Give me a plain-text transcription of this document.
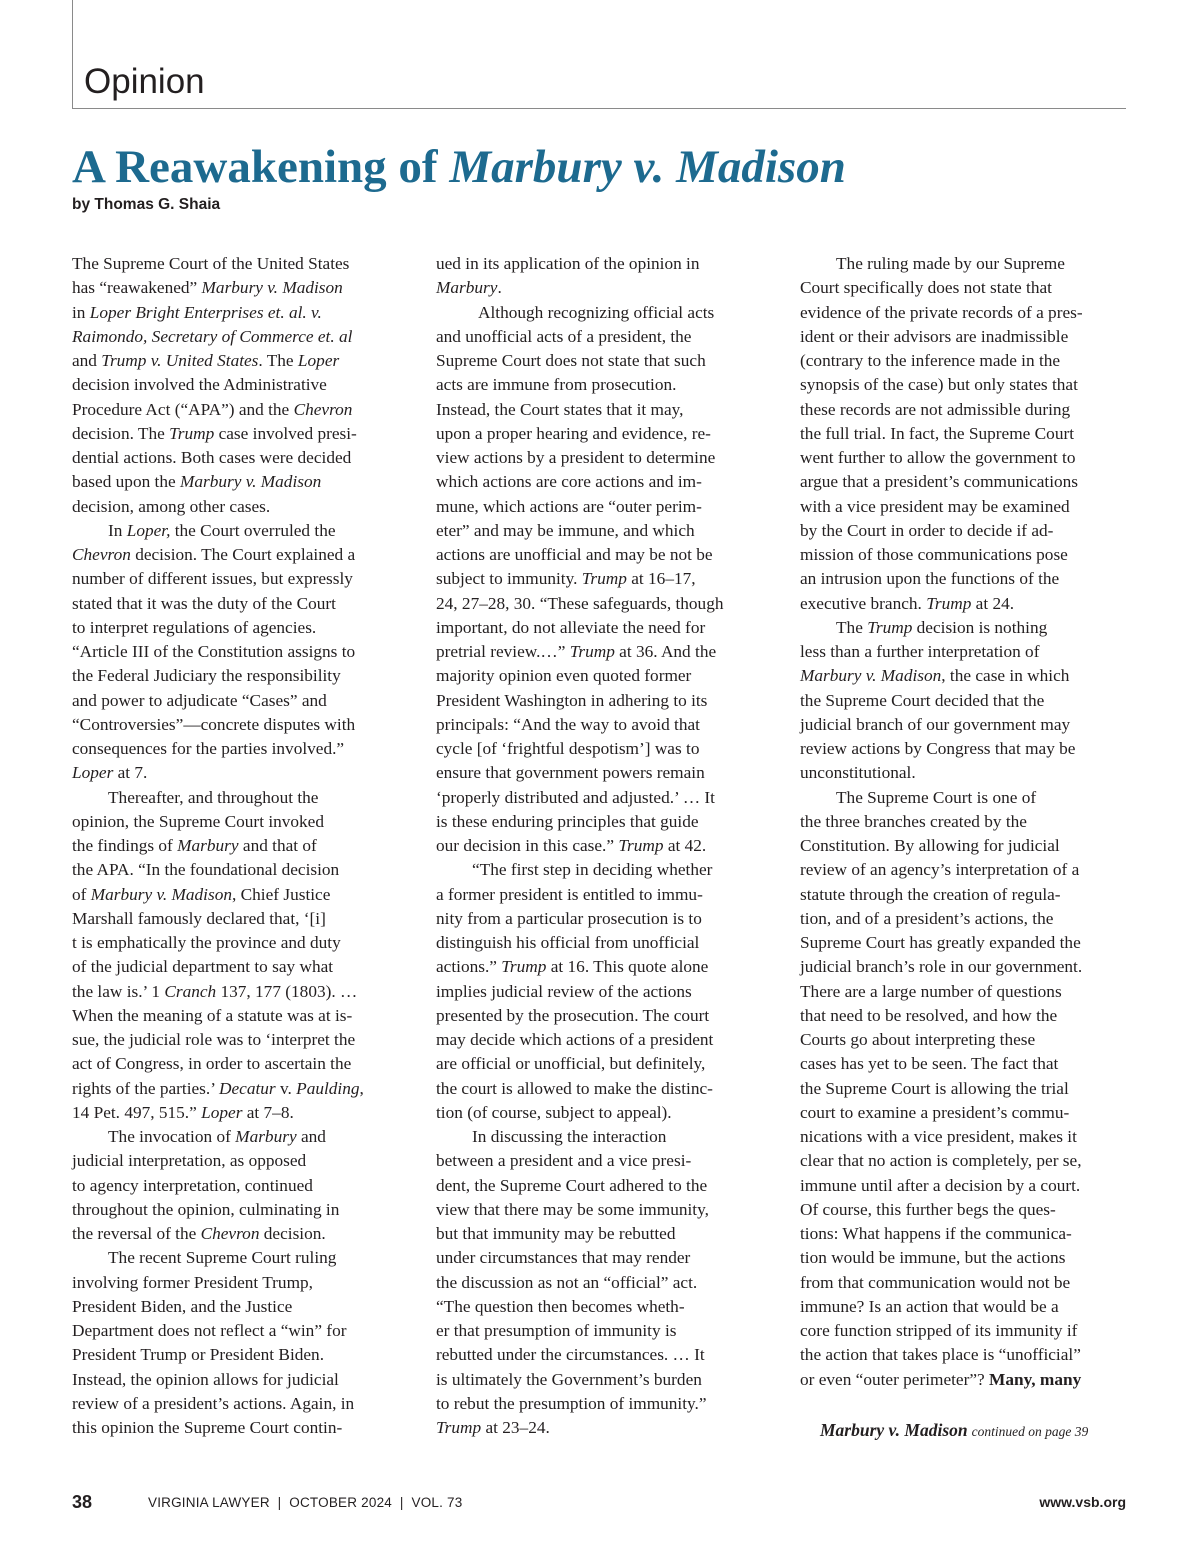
Opinion
A Reawakening of Marbury v. Madison

by Thomas G. Shaia

The Supreme Court of the United States
has “reawakened” Marbury v. Madison
in Loper Bright Enterprises et. al. v.
Raimondo, Secretary of Commerce et. al
and Trump v. United States. The Loper
decision involved the Administrative
Procedure Act (“APA”) and the Chevron
decision. The Trump case involved presi-
dential actions. Both cases were decided
based upon the Marbury v. Madison
decision, among other cases.
In Loper, the Court overruled the
Chevron decision. The Court explained a
number of different issues, but expressly
stated that it was the duty of the Court
to interpret regulations of agencies.
“Article III of the Constitution assigns to
the Federal Judiciary the responsibility
and power to adjudicate “Cases” and
“Controversies”—concrete disputes with
consequences for the parties involved.”
Loper at 7.
Thereafter, and throughout the
opinion, the Supreme Court invoked
the findings of Marbury and that of
the APA. “In the foundational decision
of Marbury v. Madison, Chief Justice
Marshall famously declared that, ‘[i]
t is emphatically the province and duty
of the judicial department to say what
the law is.’ 1 Cranch 137, 177 (1803). …
When the meaning of a statute was at is-
sue, the judicial role was to ‘interpret the
act of Congress, in order to ascertain the
rights of the parties.’ Decatur v. Paulding,
14 Pet. 497, 515.” Loper at 7–8.
The invocation of Marbury and
judicial interpretation, as opposed
to agency interpretation, continued
throughout the opinion, culminating in
the reversal of the Chevron decision.
The recent Supreme Court ruling
involving former President Trump,
President Biden, and the Justice
Department does not reflect a “win” for
President Trump or President Biden.
Instead, the opinion allows for judicial
review of a president’s actions. Again, in
this opinion the Supreme Court contin-
ued in its application of the opinion in
Marbury.
Although recognizing official acts
and unofficial acts of a president, the
Supreme Court does not state that such
acts are immune from prosecution.
Instead, the Court states that it may,
upon a proper hearing and evidence, re-
view actions by a president to determine
which actions are core actions and im-
mune, which actions are “outer perim-
eter” and may be immune, and which
actions are unofficial and may be not be
subject to immunity. Trump at 16–17,
24, 27–28, 30. “These safeguards, though
important, do not alleviate the need for
pretrial review.…” Trump at 36. And the
majority opinion even quoted former
President Washington in adhering to its
principals: “And the way to avoid that
cycle [of ‘frightful despotism’] was to
ensure that government powers remain
‘properly distributed and adjusted.’ … It
is these enduring principles that guide
our decision in this case.” Trump at 42.
“The first step in deciding whether
a former president is entitled to immu-
nity from a particular prosecution is to
distinguish his official from unofficial
actions.” Trump at 16. This quote alone
implies judicial review of the actions
presented by the prosecution. The court
may decide which actions of a president
are official or unofficial, but definitely,
the court is allowed to make the distinc-
tion (of course, subject to appeal).
In discussing the interaction
between a president and a vice presi-
dent, the Supreme Court adhered to the
view that there may be some immunity,
but that immunity may be rebutted
under circumstances that may render
the discussion as not an “official” act.
“The question then becomes wheth-
er that presumption of immunity is
rebutted under the circumstances. … It
is ultimately the Government’s burden
to rebut the presumption of immunity.”
Trump at 23–24.
The ruling made by our Supreme
Court specifically does not state that
evidence of the private records of a pres-
ident or their advisors are inadmissible
(contrary to the inference made in the
synopsis of the case) but only states that
these records are not admissible during
the full trial. In fact, the Supreme Court
went further to allow the government to
argue that a president’s communications
with a vice president may be examined
by the Court in order to decide if ad-
mission of those communications pose
an intrusion upon the functions of the
executive branch. Trump at 24.
The Trump decision is nothing
less than a further interpretation of
Marbury v. Madison, the case in which
the Supreme Court decided that the
judicial branch of our government may
review actions by Congress that may be
unconstitutional.
The Supreme Court is one of
the three branches created by the
Constitution. By allowing for judicial
review of an agency’s interpretation of a
statute through the creation of regula-
tion, and of a president’s actions, the
Supreme Court has greatly expanded the
judicial branch’s role in our government.
There are a large number of questions
that need to be resolved, and how the
Courts go about interpreting these
cases has yet to be seen. The fact that
the Supreme Court is allowing the trial
court to examine a president’s commu-
nications with a vice president, makes it
clear that no action is completely, per se,
immune until after a decision by a court.
Of course, this further begs the ques-
tions: What happens if the communica-
tion would be immune, but the actions
from that communication would not be
immune? Is an action that would be a
core function stripped of its immunity if
the action that takes place is “unofficial”
or even “outer perimeter”? Many, many
Marbury v. Madison continued on page 39
38	VIRGINIA LAWYER  |  OCTOBER 2024  |  VOL. 73	www.vsb.org
